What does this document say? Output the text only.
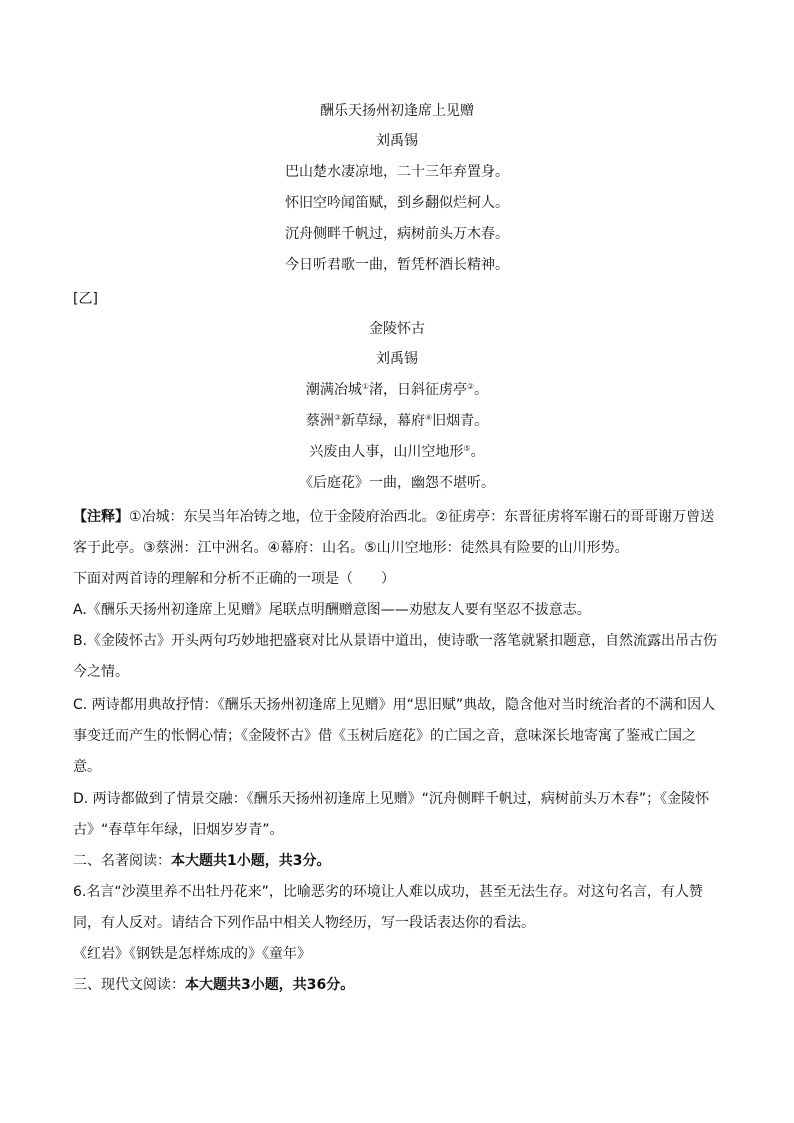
酬乐天扬州初逢席上见赠
刘禹锡
巴山楚水凄凉地，二十三年弃置身。
怀旧空吟闻笛赋，到乡翻似烂柯人。
沉舟侧畔千帆过，病树前头万木春。
今日听君歌一曲，暂凭杯酒长精神。
[乙]
金陵怀古
刘禹锡
潮满冶城①渚，日斜征虏亭②。
蔡洲③新草绿，幕府④旧烟青。
兴废由人事，山川空地形⑤。
《后庭花》一曲，幽怨不堪听。
【注释】①冶城：东吴当年冶铸之地，位于金陵府治西北。②征虏亭：东晋征虏将军谢石的哥哥谢万曾送客于此亭。③蔡洲：江中洲名。④幕府：山名。⑤山川空地形：徒然具有险要的山川形势。
下面对两首诗的理解和分析不正确的一项是（　　）
A.《酬乐天扬州初逢席上见赠》尾联点明酬赠意图——劝慰友人要有坚忍不拔意志。
B.《金陵怀古》开头两句巧妙地把盛衰对比从景语中道出，使诗歌一落笔就紧扣题意，自然流露出吊古伤今之情。
C. 两诗都用典故抒情：《酬乐天扬州初逢席上见赠》用“思旧赋”典故，隐含他对当时统治者的不满和因人事变迁而产生的怅惘心情；《金陵怀古》借《玉树后庭花》的亡国之音，意味深长地寄寓了鉴戒亡国之意。
D. 两诗都做到了情景交融：《酬乐天扬州初逢席上见赠》“沉舟侧畔千帆过，病树前头万木春”；《金陵怀古》“春草年年绿，旧烟岁岁青”。
二、名著阅读：本大题共1小题，共3分。
6.名言“沙漠里养不出牡丹花来”，比喻恶劣的环境让人难以成功，甚至无法生存。对这句名言，有人赞同，有人反对。请结合下列作品中相关人物经历，写一段话表达你的看法。
《红岩》《钢铁是怎样炼成的》《童年》
三、现代文阅读：本大题共3小题，共36分。
